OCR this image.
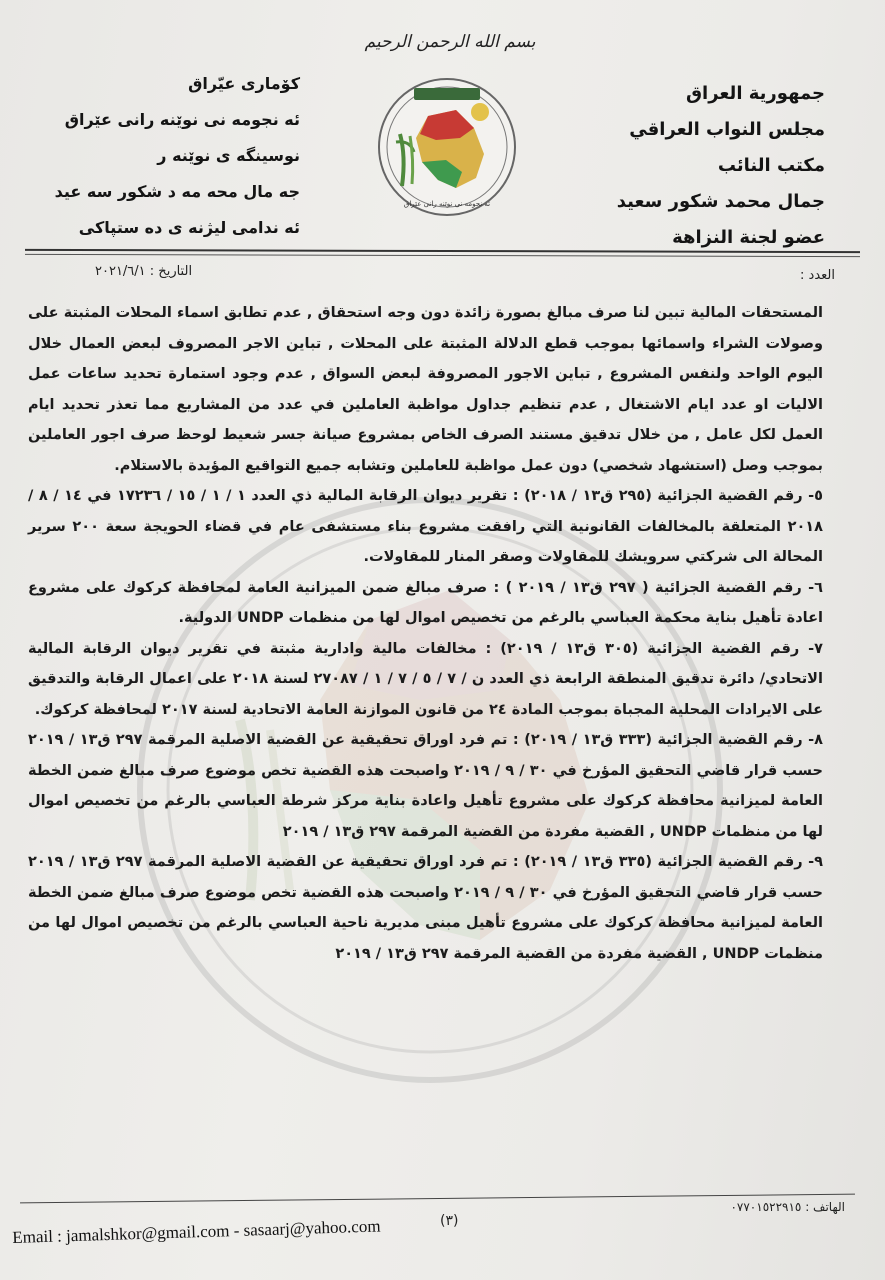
بسم الله الرحمن الرحيم
جمهورية العراق
مجلس النواب العراقي
مكتب النائب
جمال محمد شكور سعيد
عضو لجنة النزاهة
كۆماری عیّراق
ئه نجومه نی نوێنه رانی عێراق
نوسینگه ی نوێنه ر
جه مال محه مه د شكور سه عيد
ئه ندامی لیژنه ی ده ستپاكی
ئه نجومه نی نوێنه رانی عێراق
العدد :
التاريخ : ٢٠٢١/٦/١

المستحقات المالية تبين لنا صرف مبالغ بصورة زائدة دون وجه استحقاق , عدم تطابق اسماء المحلات المثبتة على وصولات الشراء واسمائها بموجب قطع الدلالة المثبتة على المحلات , تباين الاجر المصروف لبعض العمال خلال اليوم الواحد ولنفس المشروع , تباين الاجور المصروفة لبعض السواق , عدم وجود استمارة تحديد ساعات عمل الاليات او عدد ايام الاشتغال , عدم تنظيم جداول مواظبة العاملين في عدد من المشاريع مما تعذر تحديد ايام العمل لكل عامل , من خلال تدقيق مستند الصرف الخاص بمشروع صيانة جسر شعيط لوحظ صرف اجور العاملين بموجب وصل (استشهاد شخصي) دون عمل مواظبة للعاملين وتشابه جميع التواقيع المؤيدة بالاستلام.

٥- رقم القضية الجزائية (٢٩٥ ق١٣ / ٢٠١٨) : تقرير ديوان الرقابة المالية ذي العدد ١ / ١ / ١٥ / ١٧٢٣٦ في ١٤ / ٨ / ٢٠١٨ المتعلقة بالمخالفات القانونية التي رافقت مشروع بناء مستشفى عام في قضاء الحويجة سعة ٢٠٠ سرير المحالة الى شركتي سرويشك للمقاولات وصقر المنار للمقاولات.

٦- رقم القضية الجزائية ( ٢٩٧ ق١٣ / ٢٠١٩ ) : صرف مبالغ ضمن الميزانية العامة لمحافظة كركوك على مشروع اعادة تأهيل بناية محكمة العباسي بالرغم من تخصيص اموال لها من منظمات UNDP الدولية.

٧- رقم القضية الجزائية (٣٠٥ ق١٣ / ٢٠١٩) : مخالفات مالية وادارية مثبتة في تقرير ديوان الرقابة المالية الاتحادي/ دائرة تدقيق المنطقة الرابعة ذي العدد ن / ٧ / ٥ / ٧ / ١ / ٢٧٠٨٧ لسنة ٢٠١٨ على اعمال الرقابة والتدقيق على الايرادات المحلية المجباة بموجب المادة ٢٤ من قانون الموازنة العامة الاتحادية لسنة ٢٠١٧ لمحافظة كركوك.

٨- رقم القضية الجزائية (٣٣٣ ق١٣ / ٢٠١٩) : تم فرد اوراق تحقيقية عن القضية الاصلية المرقمة ٢٩٧ ق١٣ / ٢٠١٩ حسب قرار قاضي التحقيق المؤرخ في ٣٠ / ٩ / ٢٠١٩ واصبحت هذه القضية تخص موضوع صرف مبالغ ضمن الخطة العامة لميزانية محافظة كركوك على مشروع تأهيل واعادة بناية مركز شرطة العباسي بالرغم من تخصيص اموال لها من منظمات UNDP , القضية مفردة من القضية المرقمة ٢٩٧ ق١٣ / ٢٠١٩

٩- رقم القضية الجزائية (٣٣٥ ق١٣ / ٢٠١٩) : تم فرد اوراق تحقيقية عن القضية الاصلية المرقمة ٢٩٧ ق١٣ / ٢٠١٩ حسب قرار قاضي التحقيق المؤرخ في ٣٠ / ٩ / ٢٠١٩ واصبحت هذه القضية تخص موضوع صرف مبالغ ضمن الخطة العامة لميزانية محافظة كركوك على مشروع تأهيل مبنى مديرية ناحية العباسي بالرغم من تخصيص اموال لها من منظمات UNDP , القضية مفردة من القضية المرقمة ٢٩٧ ق١٣ / ٢٠١٩

الهاتف : ٠٧٧٠١٥٢٢٩١٥
(٣)
Email : jamalshkor@gmail.com - sasaarj@yahoo.com
